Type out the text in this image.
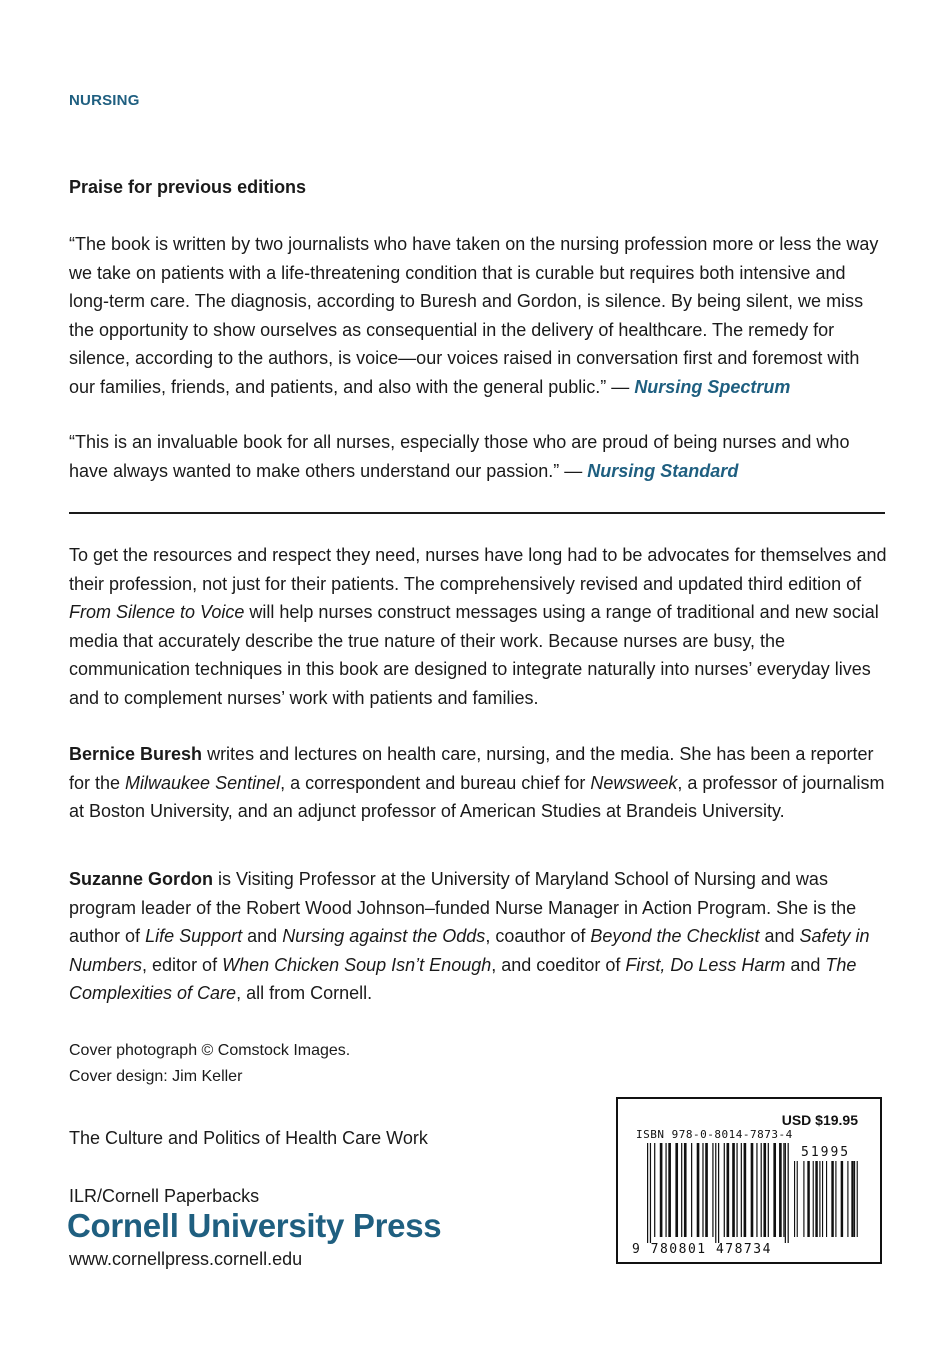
NURSING
Praise for previous editions

“The book is written by two journalists who have taken on the nursing profession more or less the way we take on patients with a life-threatening condition that is curable but requires both intensive and long-term care. The diagnosis, according to Buresh and Gordon, is silence. By being silent, we miss the opportunity to show ourselves as consequential in the delivery of healthcare. The remedy for silence, according to the authors, is voice—our voices raised in conversation first and foremost with our families, friends, and patients, and also with the general public.” — Nursing Spectrum

“This is an invaluable book for all nurses, especially those who are proud of being nurses and who have always wanted to make others understand our passion.” — Nursing Standard

To get the resources and respect they need, nurses have long had to be advocates for themselves and their profession, not just for their patients. The comprehensively revised and updated third edition of From Silence to Voice will help nurses construct messages using a range of traditional and new social media that accurately describe the true nature of their work. Because nurses are busy, the communication techniques in this book are designed to integrate naturally into nurses’ everyday lives and to complement nurses’ work with patients and families.

Bernice Buresh writes and lectures on health care, nursing, and the media. She has been a reporter for the Milwaukee Sentinel, a correspondent and bureau chief for Newsweek, a professor of journalism at Boston University, and an adjunct professor of American Studies at Brandeis University.

Suzanne Gordon is Visiting Professor at the University of Maryland School of Nursing and was program leader of the Robert Wood Johnson–funded Nurse Manager in Action Program. She is the author of Life Support and Nursing against the Odds, coauthor of Beyond the Checklist and Safety in Numbers, editor of When Chicken Soup Isn’t Enough, and coeditor of First, Do Less Harm and The Complexities of Care, all from Cornell.

Cover photograph © Comstock Images.
Cover design: Jim Keller
The Culture and Politics of Health Care Work
ILR/Cornell Paperbacks
Cornell University Press
www.cornellpress.cornell.edu
USD $19.95
ISBN 978-0-8014-7873-4
51995
9 780801 478734
